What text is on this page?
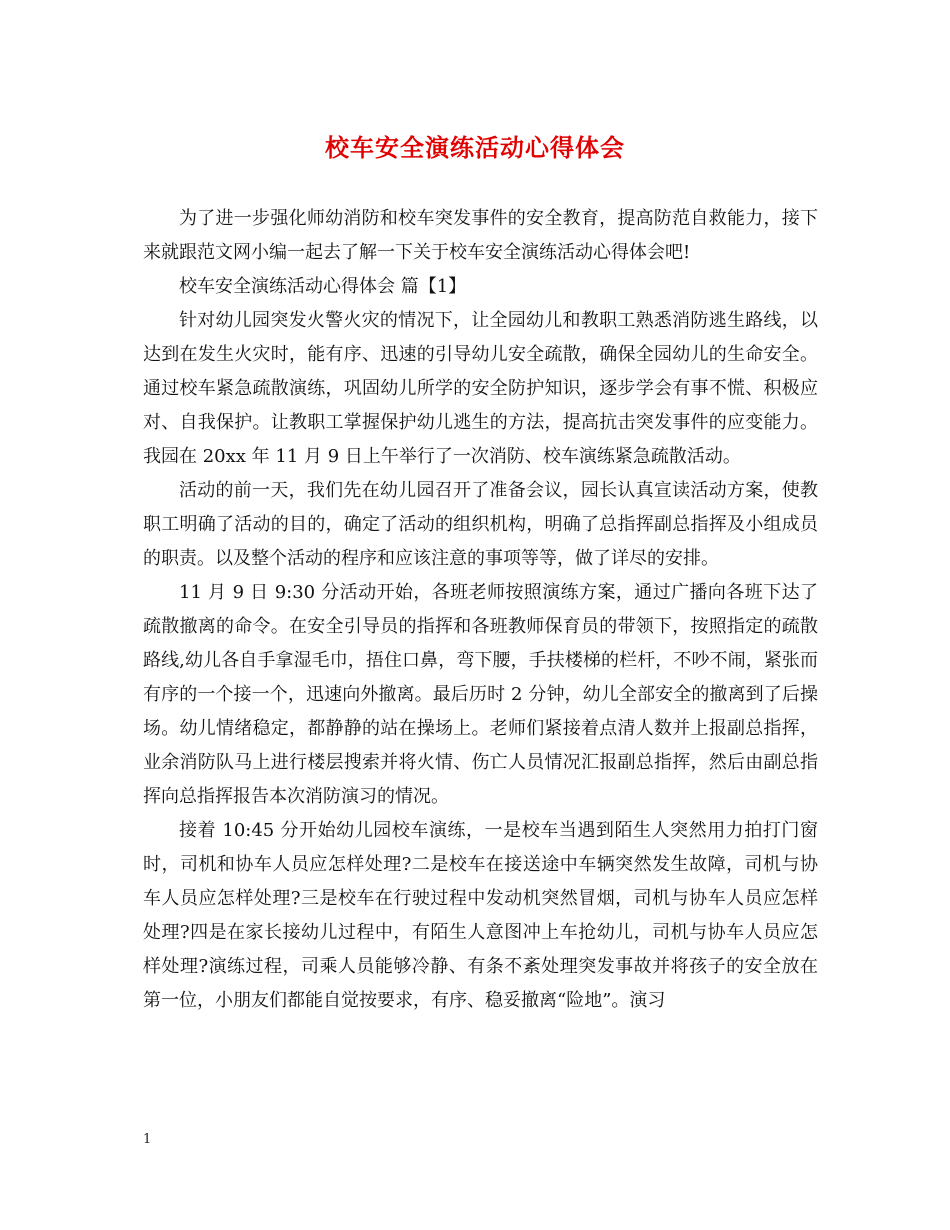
校车安全演练活动心得体会

为了进一步强化师幼消防和校车突发事件的安全教育，提高防范自救能力，接下来就跟范文网小编一起去了解一下关于校车安全演练活动心得体会吧!

校车安全演练活动心得体会 篇【1】

针对幼儿园突发火警火灾的情况下，让全园幼儿和教职工熟悉消防逃生路线，以达到在发生火灾时，能有序、迅速的引导幼儿安全疏散，确保全园幼儿的生命安全。通过校车紧急疏散演练，巩固幼儿所学的安全防护知识，逐步学会有事不慌、积极应对、自我保护。让教职工掌握保护幼儿逃生的方法，提高抗击突发事件的应变能力。我园在 20xx 年 11 月 9 日上午举行了一次消防、校车演练紧急疏散活动。

活动的前一天，我们先在幼儿园召开了准备会议，园长认真宣读活动方案，使教职工明确了活动的目的，确定了活动的组织机构，明确了总指挥副总指挥及小组成员的职责。以及整个活动的程序和应该注意的事项等等，做了详尽的安排。

11 月 9 日 9:30 分活动开始，各班老师按照演练方案，通过广播向各班下达了疏散撤离的命令。在安全引导员的指挥和各班教师保育员的带领下，按照指定的疏散路线,幼儿各自手拿湿毛巾，捂住口鼻，弯下腰，手扶楼梯的栏杆，不吵不闹，紧张而有序的一个接一个，迅速向外撤离。最后历时 2 分钟，幼儿全部安全的撤离到了后操场。幼儿情绪稳定，都静静的站在操场上。老师们紧接着点清人数并上报副总指挥，业余消防队马上进行楼层搜索并将火情、伤亡人员情况汇报副总指挥，然后由副总指挥向总指挥报告本次消防演习的情况。

接着 10:45 分开始幼儿园校车演练，一是校车当遇到陌生人突然用力拍打门窗时，司机和协车人员应怎样处理?二是校车在接送途中车辆突然发生故障，司机与协车人员应怎样处理?三是校车在行驶过程中发动机突然冒烟，司机与协车人员应怎样处理?四是在家长接幼儿过程中，有陌生人意图冲上车抢幼儿，司机与协车人员应怎样处理?演练过程，司乘人员能够冷静、有条不紊处理突发事故并将孩子的安全放在第一位，小朋友们都能自觉按要求，有序、稳妥撤离“险地”。演习

1
